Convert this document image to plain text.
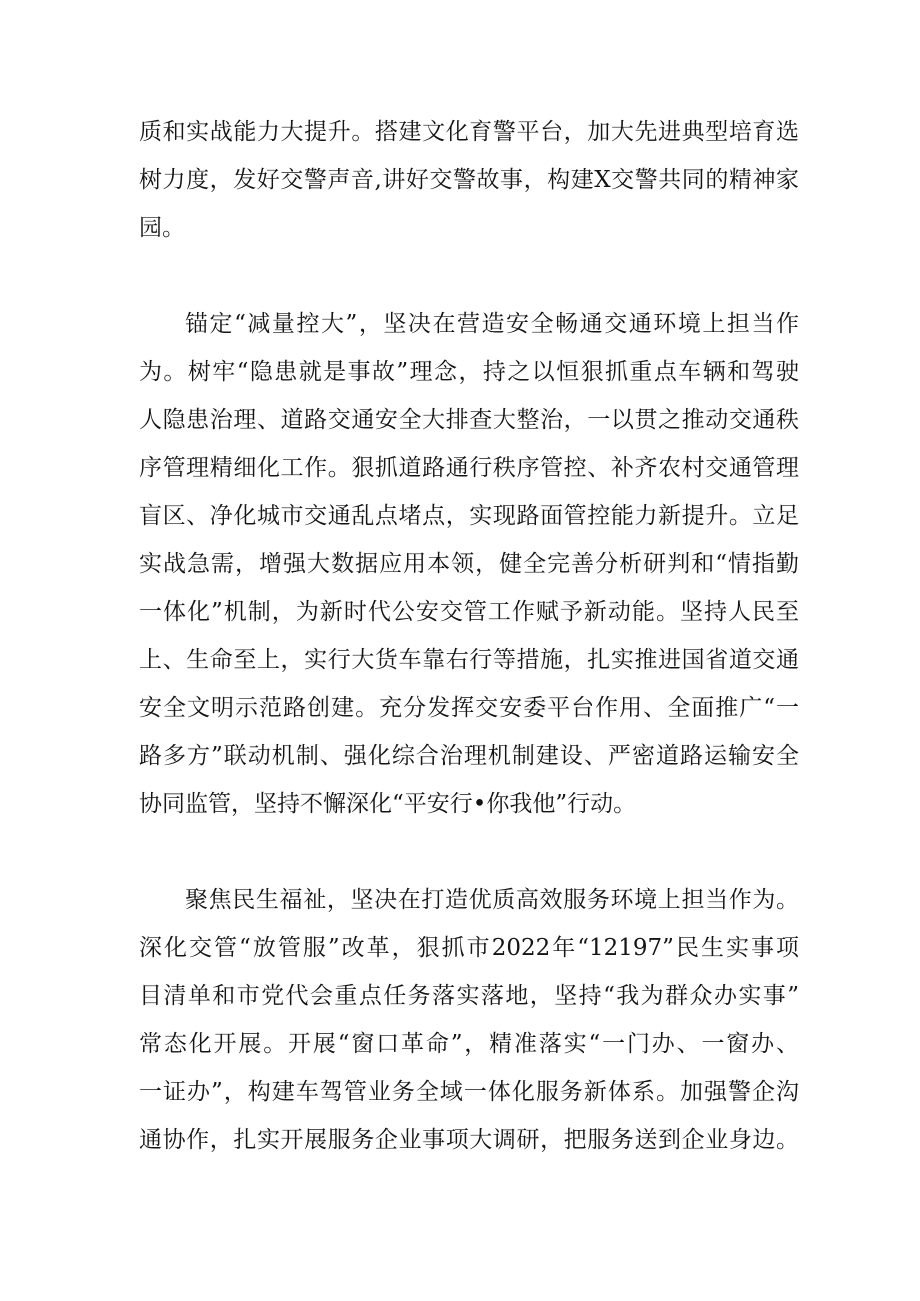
质和实战能力大提升。搭建文化育警平台，加大先进典型培育选
树力度，发好交警声音,讲好交警故事，构建X交警共同的精神家
园。
锚定“减量控大”，坚决在营造安全畅通交通环境上担当作
为。树牢“隐患就是事故”理念，持之以恒狠抓重点车辆和驾驶
人隐患治理、道路交通安全大排查大整治，一以贯之推动交通秩
序管理精细化工作。狠抓道路通行秩序管控、补齐农村交通管理
盲区、净化城市交通乱点堵点，实现路面管控能力新提升。立足
实战急需，增强大数据应用本领，健全完善分析研判和“情指勤
一体化”机制，为新时代公安交管工作赋予新动能。坚持人民至
上、生命至上，实行大货车靠右行等措施，扎实推进国省道交通
安全文明示范路创建。充分发挥交安委平台作用、全面推广“一
路多方”联动机制、强化综合治理机制建设、严密道路运输安全
协同监管，坚持不懈深化“平安行•你我他”行动。
聚焦民生福祉，坚决在打造优质高效服务环境上担当作为。
深化交管“放管服”改革，狠抓市2022年“12197”民生实事项
目清单和市党代会重点任务落实落地，坚持“我为群众办实事”
常态化开展。开展“窗口革命”，精准落实“一门办、一窗办、
一证办”，构建车驾管业务全域一体化服务新体系。加强警企沟
通协作，扎实开展服务企业事项大调研，把服务送到企业身边。
